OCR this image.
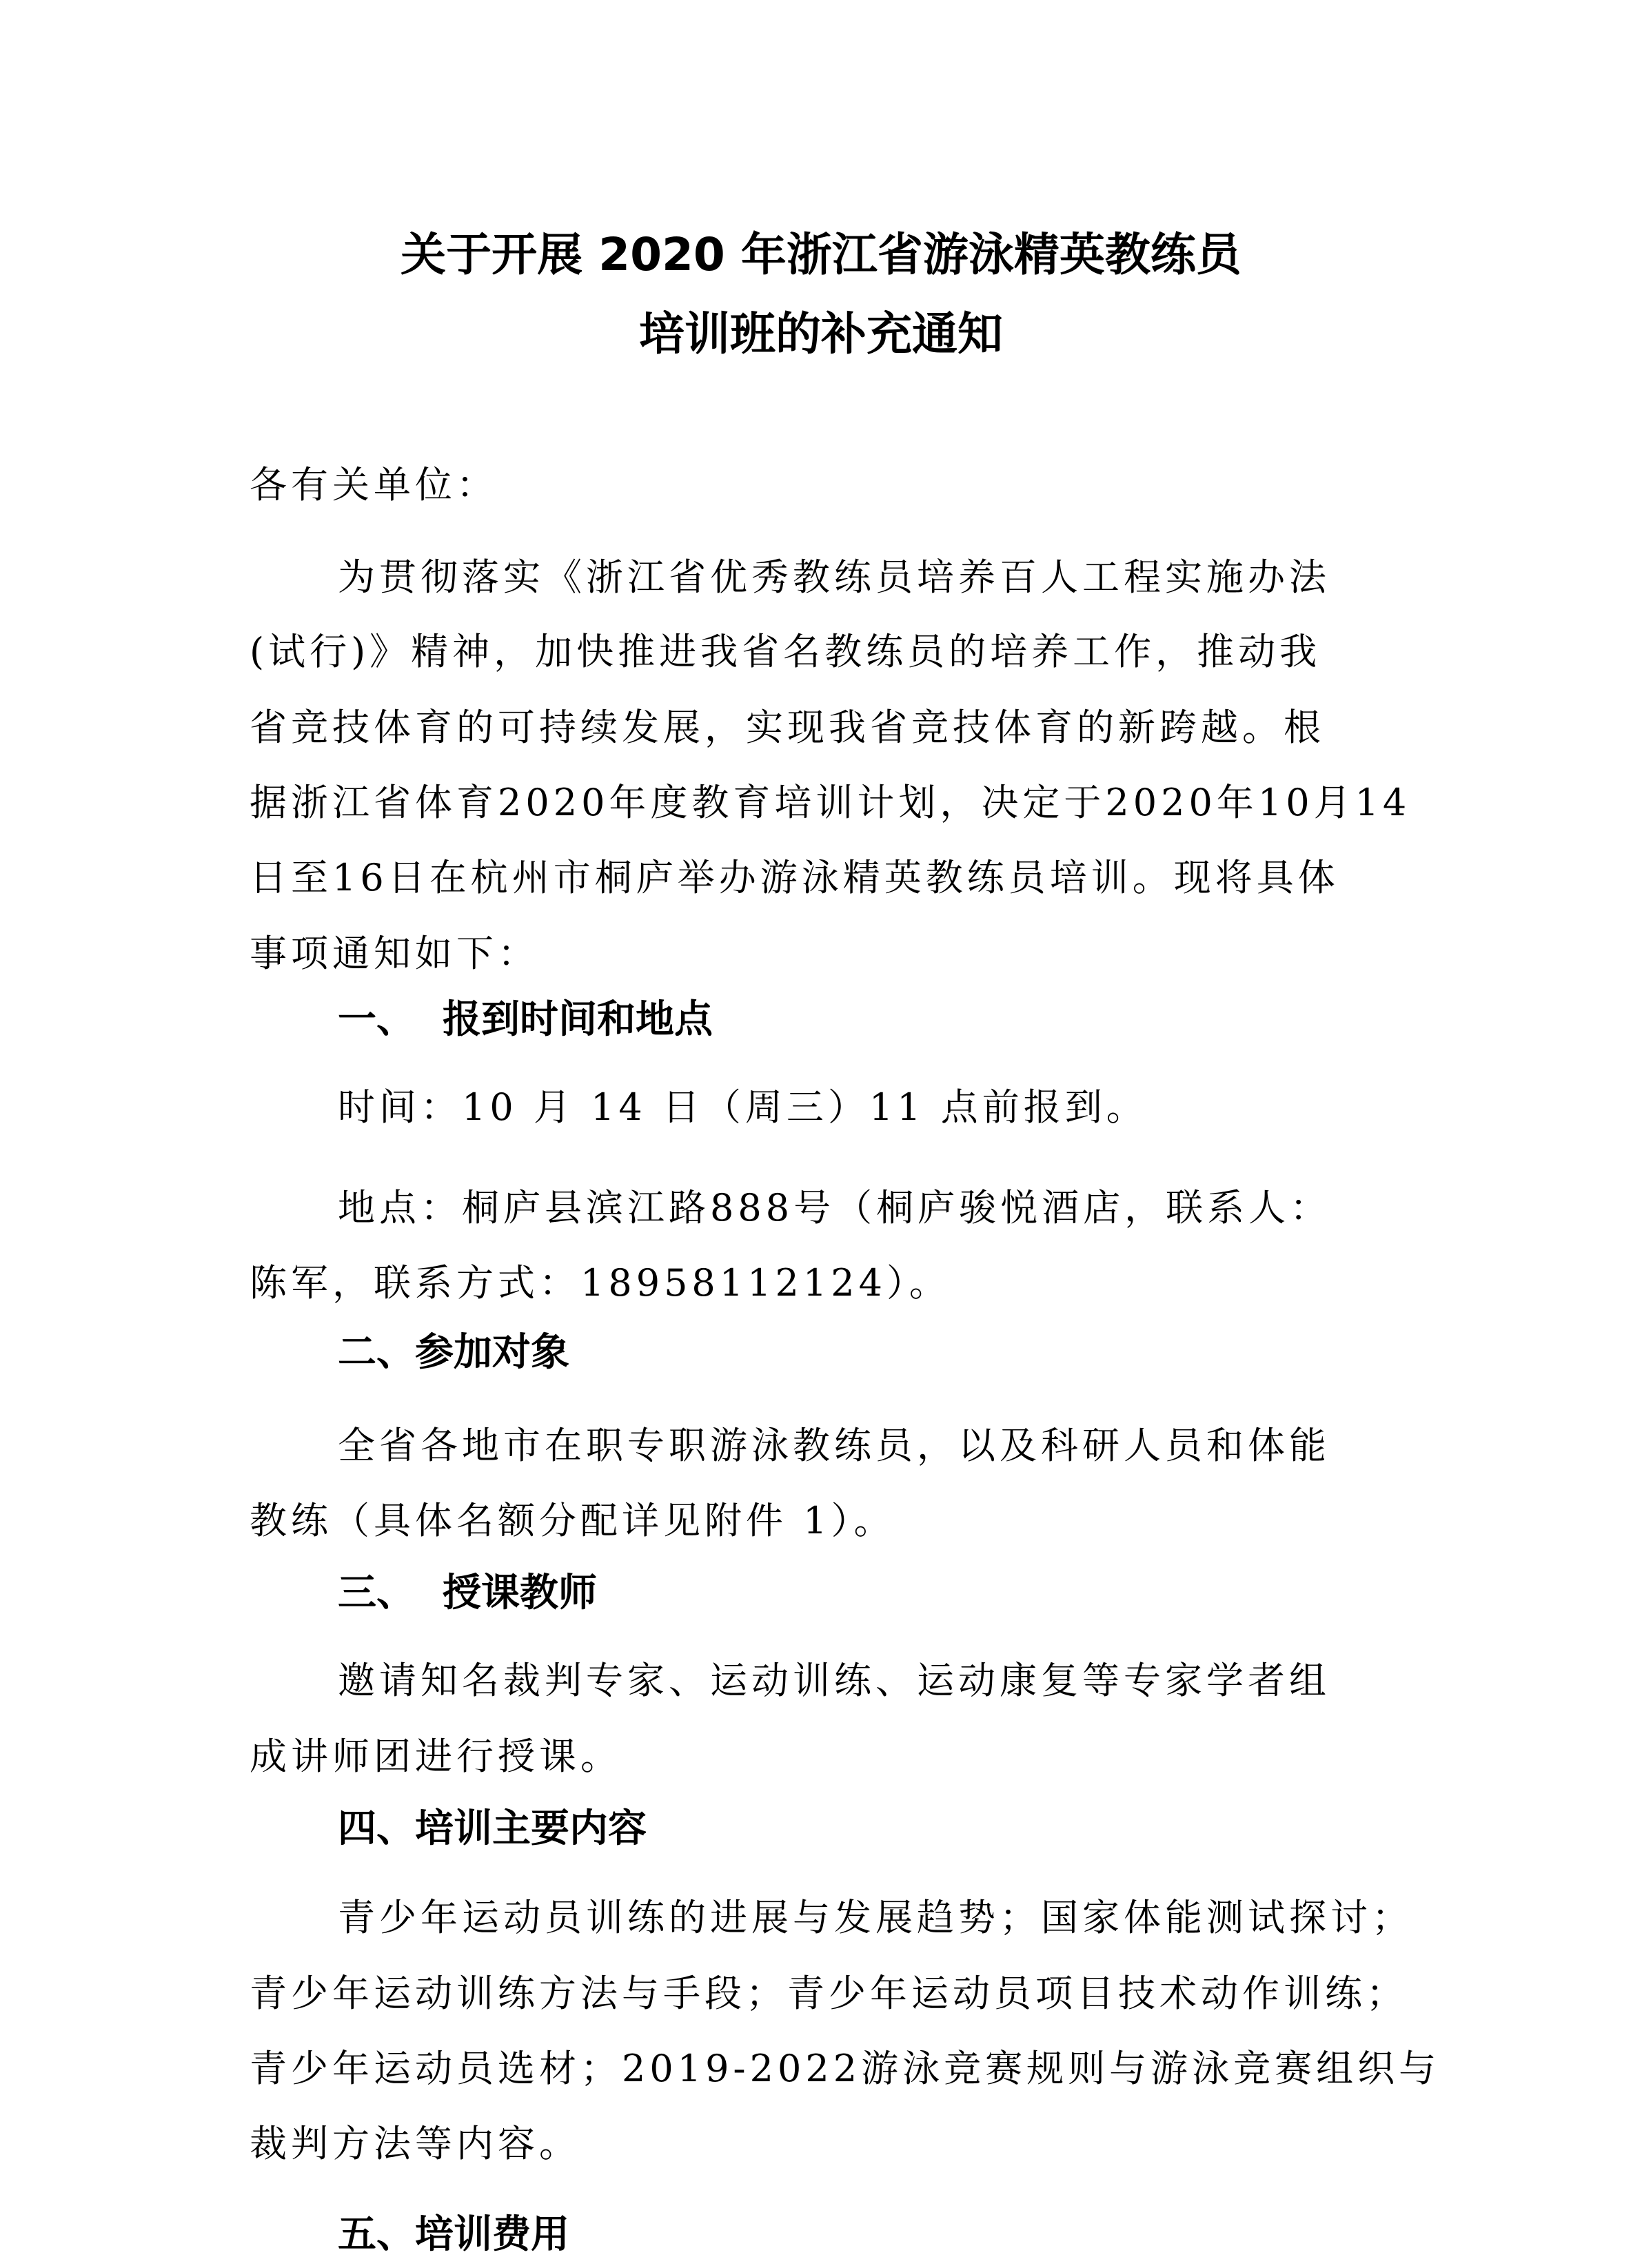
关于开展 2020 年浙江省游泳精英教练员
培训班的补充通知
各有关单位：
为贯彻落实《浙江省优秀教练员培养百人工程实施办法
(试行)》精神，加快推进我省名教练员的培养工作，推动我
省竞技体育的可持续发展，实现我省竞技体育的新跨越。根
据浙江省体育2020年度教育培训计划，决定于2020年10月14
日至16日在杭州市桐庐举办游泳精英教练员培训。现将具体
事项通知如下：
一、 报到时间和地点
时间：10 月 14 日（周三）11 点前报到。
地点：桐庐县滨江路888号（桐庐骏悦酒店，联系人：
陈军，联系方式：18958112124）。
二、参加对象
全省各地市在职专职游泳教练员，以及科研人员和体能
教练（具体名额分配详见附件 1）。
三、 授课教师
邀请知名裁判专家、运动训练、运动康复等专家学者组
成讲师团进行授课。
四、培训主要内容
青少年运动员训练的进展与发展趋势；国家体能测试探讨；
青少年运动训练方法与手段；青少年运动员项目技术动作训练；
青少年运动员选材；2019-2022游泳竞赛规则与游泳竞赛组织与
裁判方法等内容。
五、培训费用
